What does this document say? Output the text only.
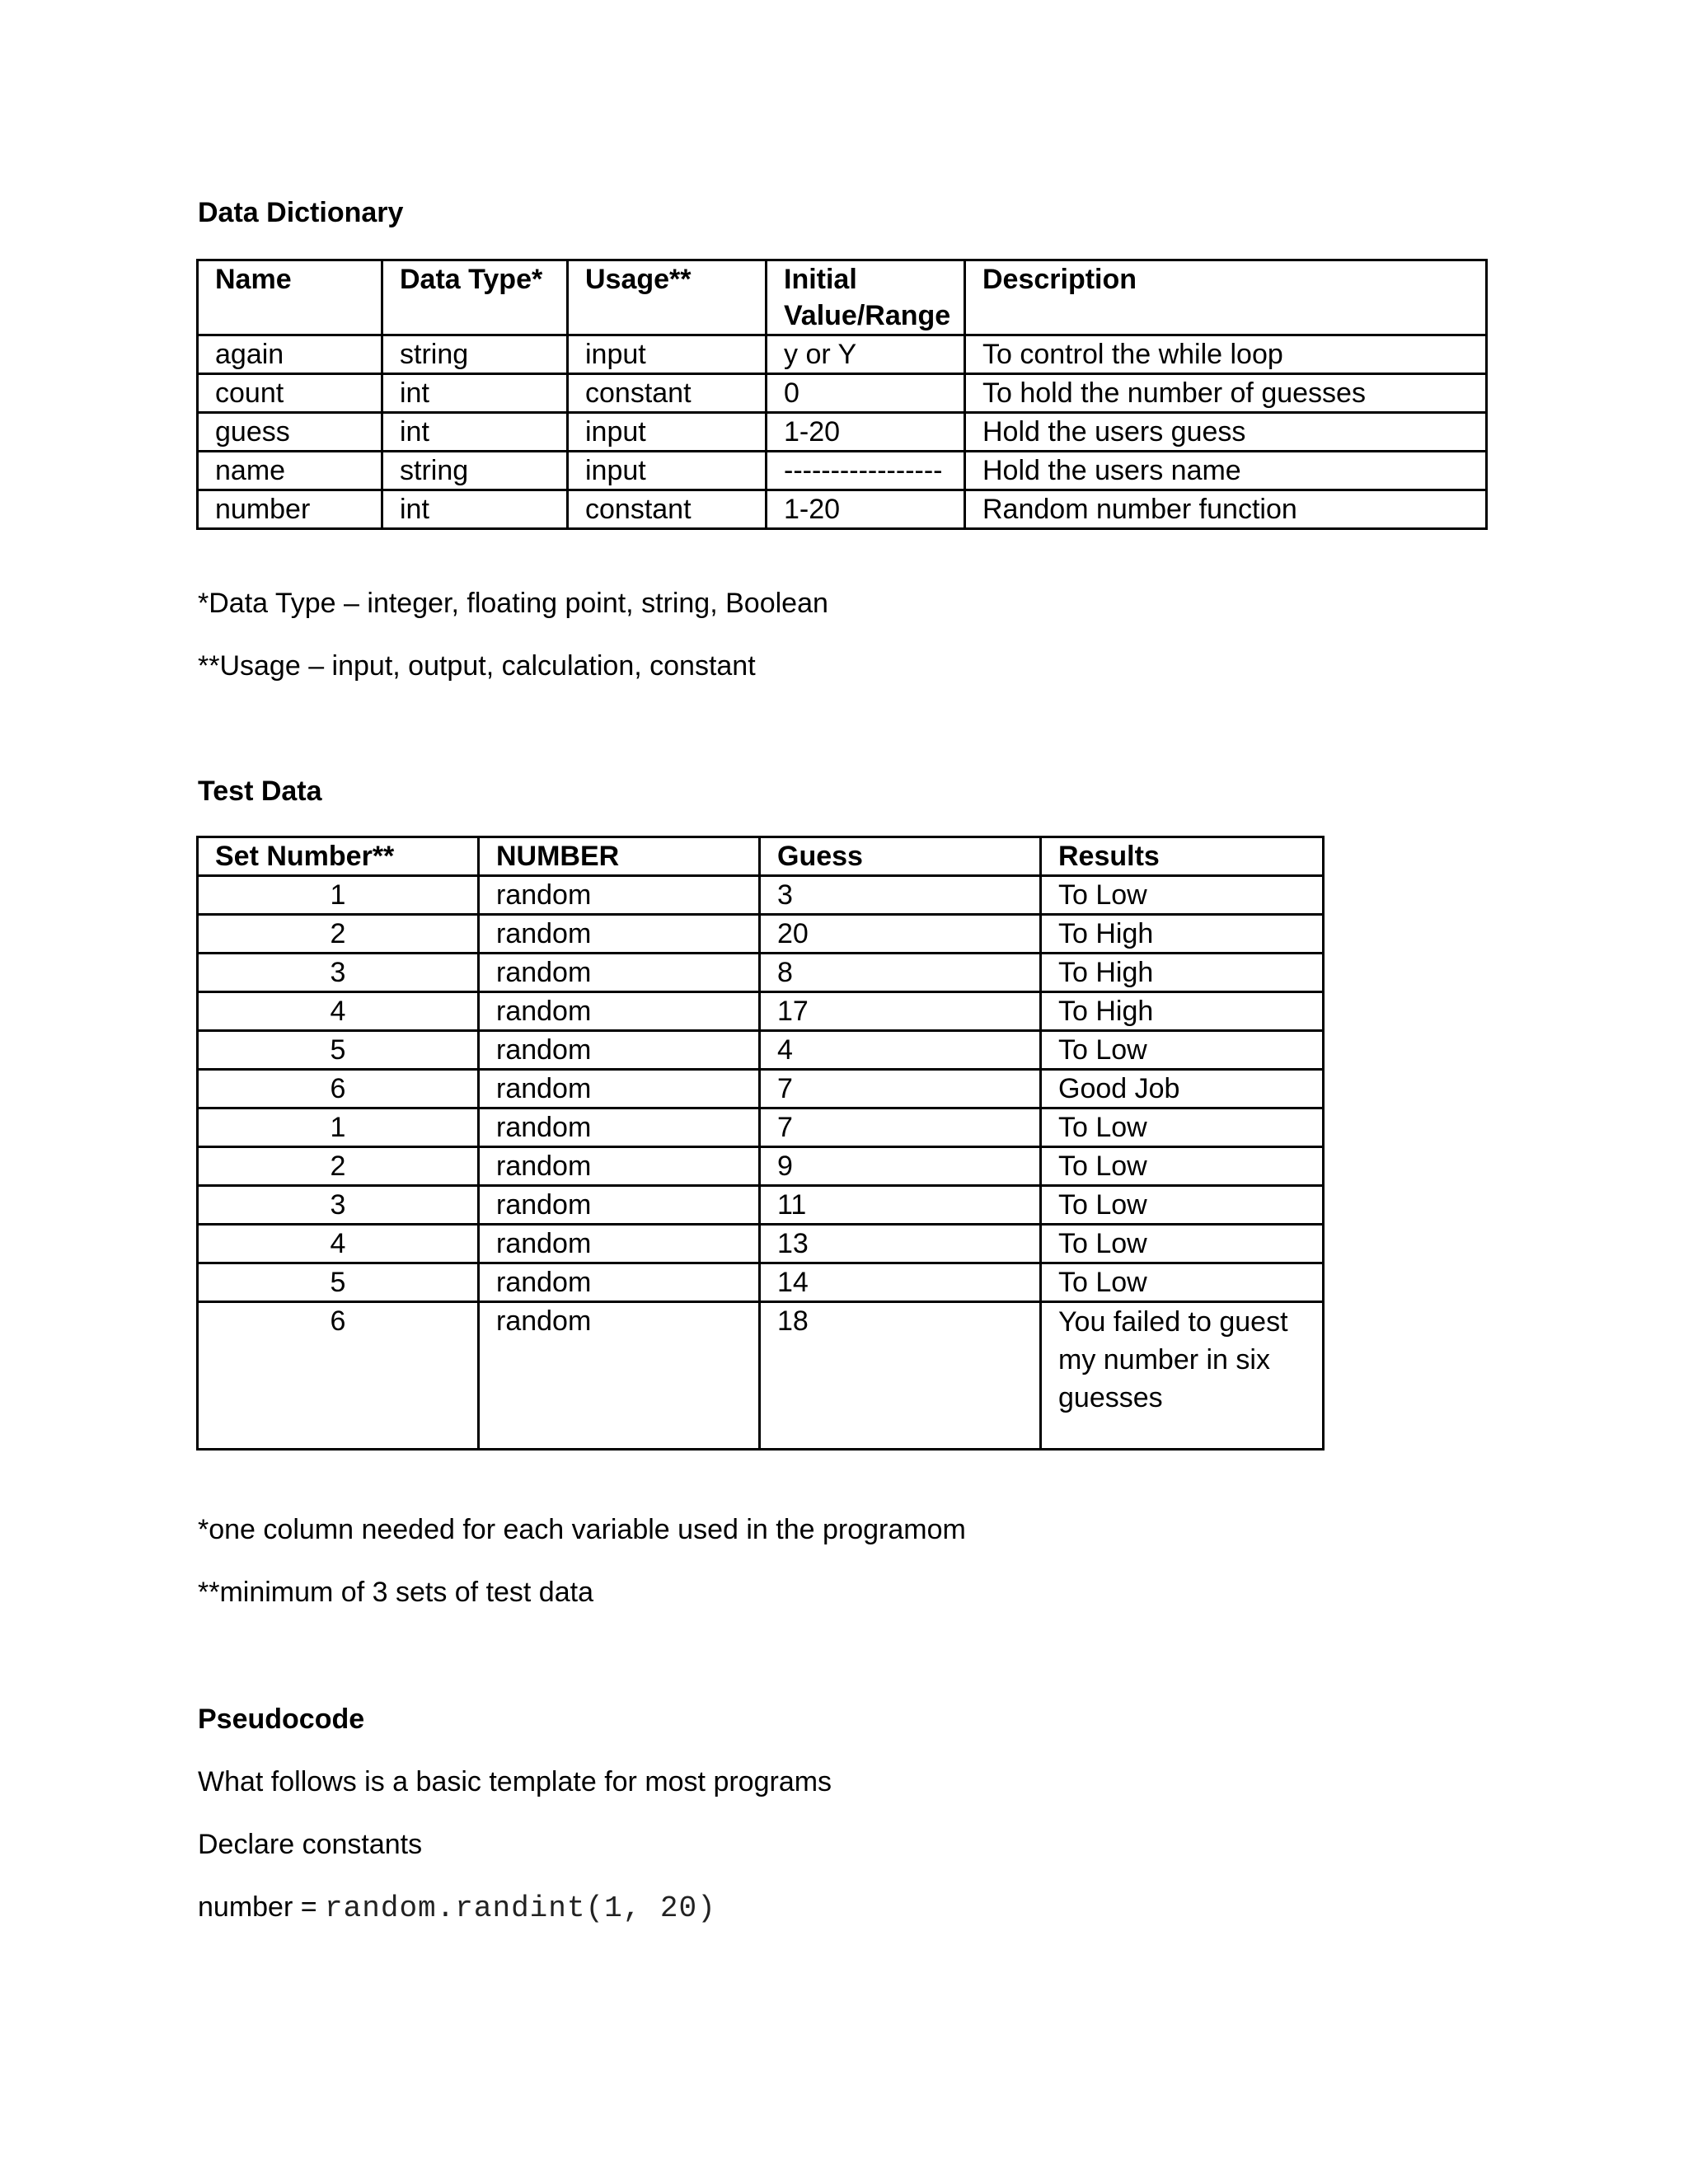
Data Dictionary

Name	Data Type*	Usage**	Initial Value/Range	Description
again	string	input	y or Y	To control the while loop
count	int	constant	0	To hold the number of guesses
guess	int	input	1-20	Hold the users guess
name	string	input	-----------------	Hold the users name
number	int	constant	1-20	Random number function

*Data Type – integer, floating point, string, Boolean

**Usage – input, output, calculation, constant

Test Data

Set Number**	NUMBER	Guess	Results
1	random	3	To Low
2	random	20	To High
3	random	8	To High
4	random	17	To High
5	random	4	To Low
6	random	7	Good Job
1	random	7	To Low
2	random	9	To Low
3	random	11	To Low
4	random	13	To Low
5	random	14	To Low
6	random	18	You failed to guest my number in six guesses

*one column needed for each variable used in the programom

**minimum of 3 sets of test data

Pseudocode

What follows is a basic template for most programs

Declare constants

number = random.randint(1, 20)
